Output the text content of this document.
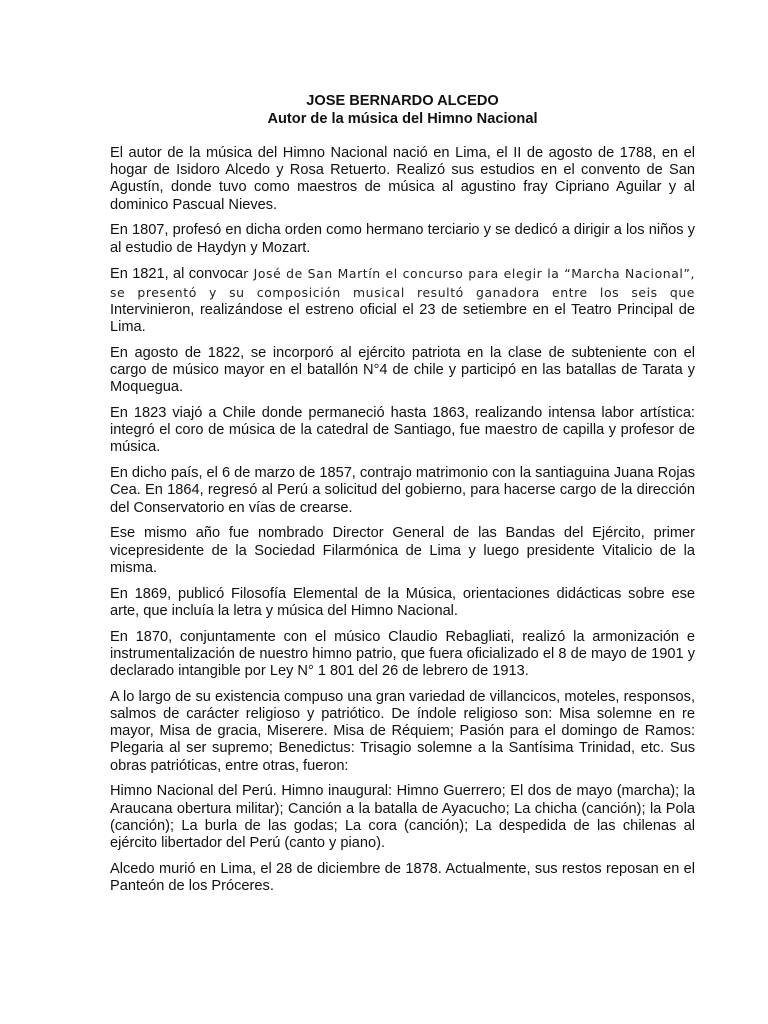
JOSE BERNARDO ALCEDO

Autor de la música del Himno Nacional

El autor de la música del Himno Nacional nació en Lima, el II de agosto de 1788, en el hogar de Isidoro Alcedo y Rosa Retuerto. Realizó sus estudios en el convento de San Agustín, donde tuvo como maestros de música al agustino fray Cipriano Aguilar y al dominico Pascual Nieves.

En 1807, profesó en dicha orden como hermano terciario y se dedicó a dirigir a los niños y al estudio de Haydyn y Mozart.

En 1821, al convocar José de San Martín el concurso para elegir la “Marcha Nacional”, se presentó y su composición musical resultó ganadora entre los seis que Intervinieron, realizándose el estreno oficial el 23 de setiembre en el Teatro Principal de Lima.

En agosto de 1822, se incorporó al ejército patriota en la clase de subteniente con el cargo de músico mayor en el batallón N°4 de chile y participó en las batallas de Tarata y Moquegua.

En 1823 viajó a Chile donde permaneció hasta 1863, realizando intensa labor artística: integró el coro de música de la catedral de Santiago, fue maestro de capilla y profesor de música.

En dicho país, el 6 de marzo de 1857, contrajo matrimonio con la santiaguina Juana Rojas Cea. En 1864, regresó al Perú a solicitud del gobierno, para hacerse cargo de la dirección del Conservatorio en vías de crearse.

Ese mismo año fue nombrado Director General de las Bandas del Ejército, primer vicepresidente de la Sociedad Filarmónica de Lima y luego presidente Vitalicio de la misma.

En 1869, publicó Filosofía Elemental de la Música, orientaciones didácticas sobre ese arte, que incluía la letra y música del Himno Nacional.

En 1870, conjuntamente con el músico Claudio Rebagliati, realizó la armonización e instrumentalización de nuestro himno patrio, que fuera oficializado el 8 de mayo de 1901 y declarado intangible por Ley N° 1 801 del 26 de lebrero de 1913.

A lo largo de su existencia compuso una gran variedad de villancicos, moteles, responsos, salmos de carácter religioso y patriótico. De índole religioso son: Misa solemne en re mayor, Misa de gracia, Miserere. Misa de Réquiem; Pasión para el domingo de Ramos: Plegaria al ser supremo; Benedictus: Trisagio solemne a la Santísima Trinidad, etc. Sus obras patrióticas, entre otras, fueron:

Himno Nacional del Perú. Himno inaugural: Himno Guerrero; El dos de mayo (marcha); la Araucana obertura militar); Canción a la batalla de Ayacucho; La chicha (canción); la Pola (canción); La burla de las godas; La cora (canción); La despedida de las chilenas al ejército libertador del Perú (canto y piano).

Alcedo murió en Lima, el 28 de diciembre de 1878. Actualmente, sus restos reposan en el Panteón de los Próceres.
